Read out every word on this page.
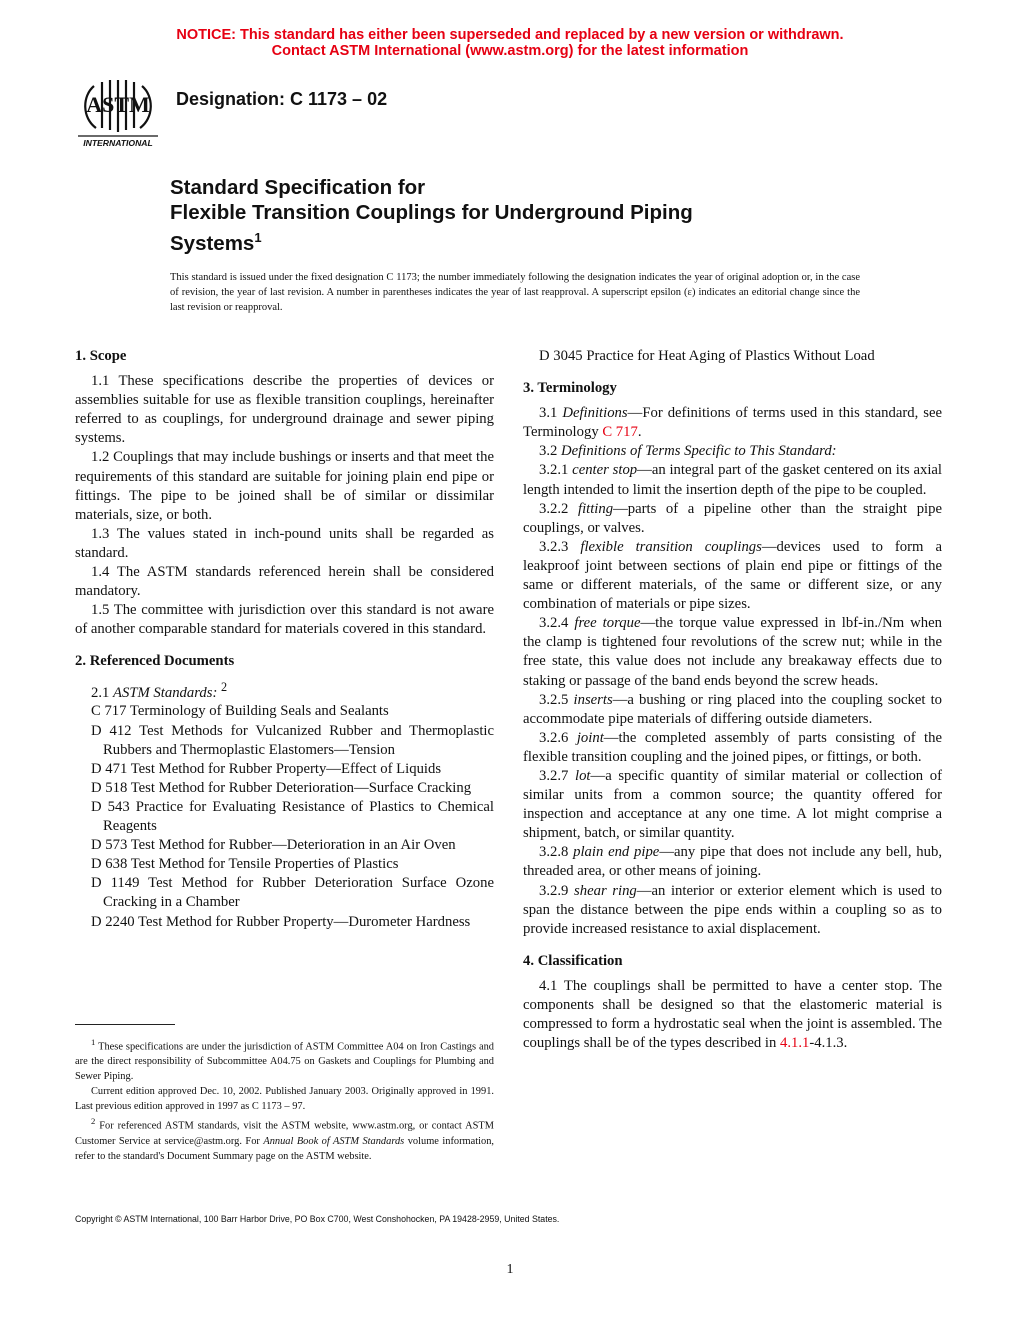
NOTICE: This standard has either been superseded and replaced by a new version or withdrawn.
Contact ASTM International (www.astm.org) for the latest information
ASTM
INTERNATIONAL
Designation: C 1173 – 02
Standard Specification for
Flexible Transition Couplings for Underground Piping
Systems$^1$
This standard is issued under the fixed designation C 1173; the number immediately following the designation indicates the year of original adoption or, in the case of revision, the year of last revision. A number in parentheses indicates the year of last reapproval. A superscript epsilon (ε) indicates an editorial change since the last revision or reapproval.

1. Scope

1.1 These specifications describe the properties of devices or assemblies suitable for use as flexible transition couplings, hereinafter referred to as couplings, for underground drainage and sewer piping systems.

1.2 Couplings that may include bushings or inserts and that meet the requirements of this standard are suitable for joining plain end pipe or fittings. The pipe to be joined shall be of similar or dissimilar materials, size, or both.

1.3 The values stated in inch-pound units shall be regarded as standard.

1.4 The ASTM standards referenced herein shall be considered mandatory.

1.5 The committee with jurisdiction over this standard is not aware of another comparable standard for materials covered in this standard.

2. Referenced Documents

2.1 ASTM Standards: $^2$

C 717 Terminology of Building Seals and Sealants

D 412 Test Methods for Vulcanized Rubber and Thermoplastic Rubbers and Thermoplastic Elastomers—Tension

D 471 Test Method for Rubber Property—Effect of Liquids

D 518 Test Method for Rubber Deterioration—Surface Cracking

D 543 Practice for Evaluating Resistance of Plastics to Chemical Reagents

D 573 Test Method for Rubber—Deterioration in an Air Oven

D 638 Test Method for Tensile Properties of Plastics

D 1149 Test Method for Rubber Deterioration Surface Ozone Cracking in a Chamber

D 2240 Test Method for Rubber Property—Durometer Hardness

D 3045 Practice for Heat Aging of Plastics Without Load

3. Terminology

3.1 Definitions—For definitions of terms used in this standard, see Terminology C 717.

3.2 Definitions of Terms Specific to This Standard:

3.2.1 center stop—an integral part of the gasket centered on its axial length intended to limit the insertion depth of the pipe to be coupled.

3.2.2 fitting—parts of a pipeline other than the straight pipe couplings, or valves.

3.2.3 flexible transition couplings—devices used to form a leakproof joint between sections of plain end pipe or fittings of the same or different materials, of the same or different size, or any combination of materials or pipe sizes.

3.2.4 free torque—the torque value expressed in lbf-in./Nm when the clamp is tightened four revolutions of the screw nut; while in the free state, this value does not include any breakaway effects due to staking or passage of the band ends beyond the screw heads.

3.2.5 inserts—a bushing or ring placed into the coupling socket to accommodate pipe materials of differing outside diameters.

3.2.6 joint—the completed assembly of parts consisting of the flexible transition coupling and the joined pipes, or fittings, or both.

3.2.7 lot—a specific quantity of similar material or collection of similar units from a common source; the quantity offered for inspection and acceptance at any one time. A lot might comprise a shipment, batch, or similar quantity.

3.2.8 plain end pipe—any pipe that does not include any bell, hub, threaded area, or other means of joining.

3.2.9 shear ring—an interior or exterior element which is used to span the distance between the pipe ends within a coupling so as to provide increased resistance to axial displacement.

4. Classification

4.1 The couplings shall be permitted to have a center stop. The components shall be designed so that the elastomeric material is compressed to form a hydrostatic seal when the joint is assembled. The couplings shall be of the types described in 4.1.1-4.1.3.

$^1$ These specifications are under the jurisdiction of ASTM Committee A04 on Iron Castings and are the direct responsibility of Subcommittee A04.75 on Gaskets and Couplings for Plumbing and Sewer Piping.

Current edition approved Dec. 10, 2002. Published January 2003. Originally approved in 1991. Last previous edition approved in 1997 as C 1173 – 97.

$^2$ For referenced ASTM standards, visit the ASTM website, www.astm.org, or contact ASTM Customer Service at service@astm.org. For Annual Book of ASTM Standards volume information, refer to the standard's Document Summary page on the ASTM website.

Copyright © ASTM International, 100 Barr Harbor Drive, PO Box C700, West Conshohocken, PA 19428-2959, United States.
1
